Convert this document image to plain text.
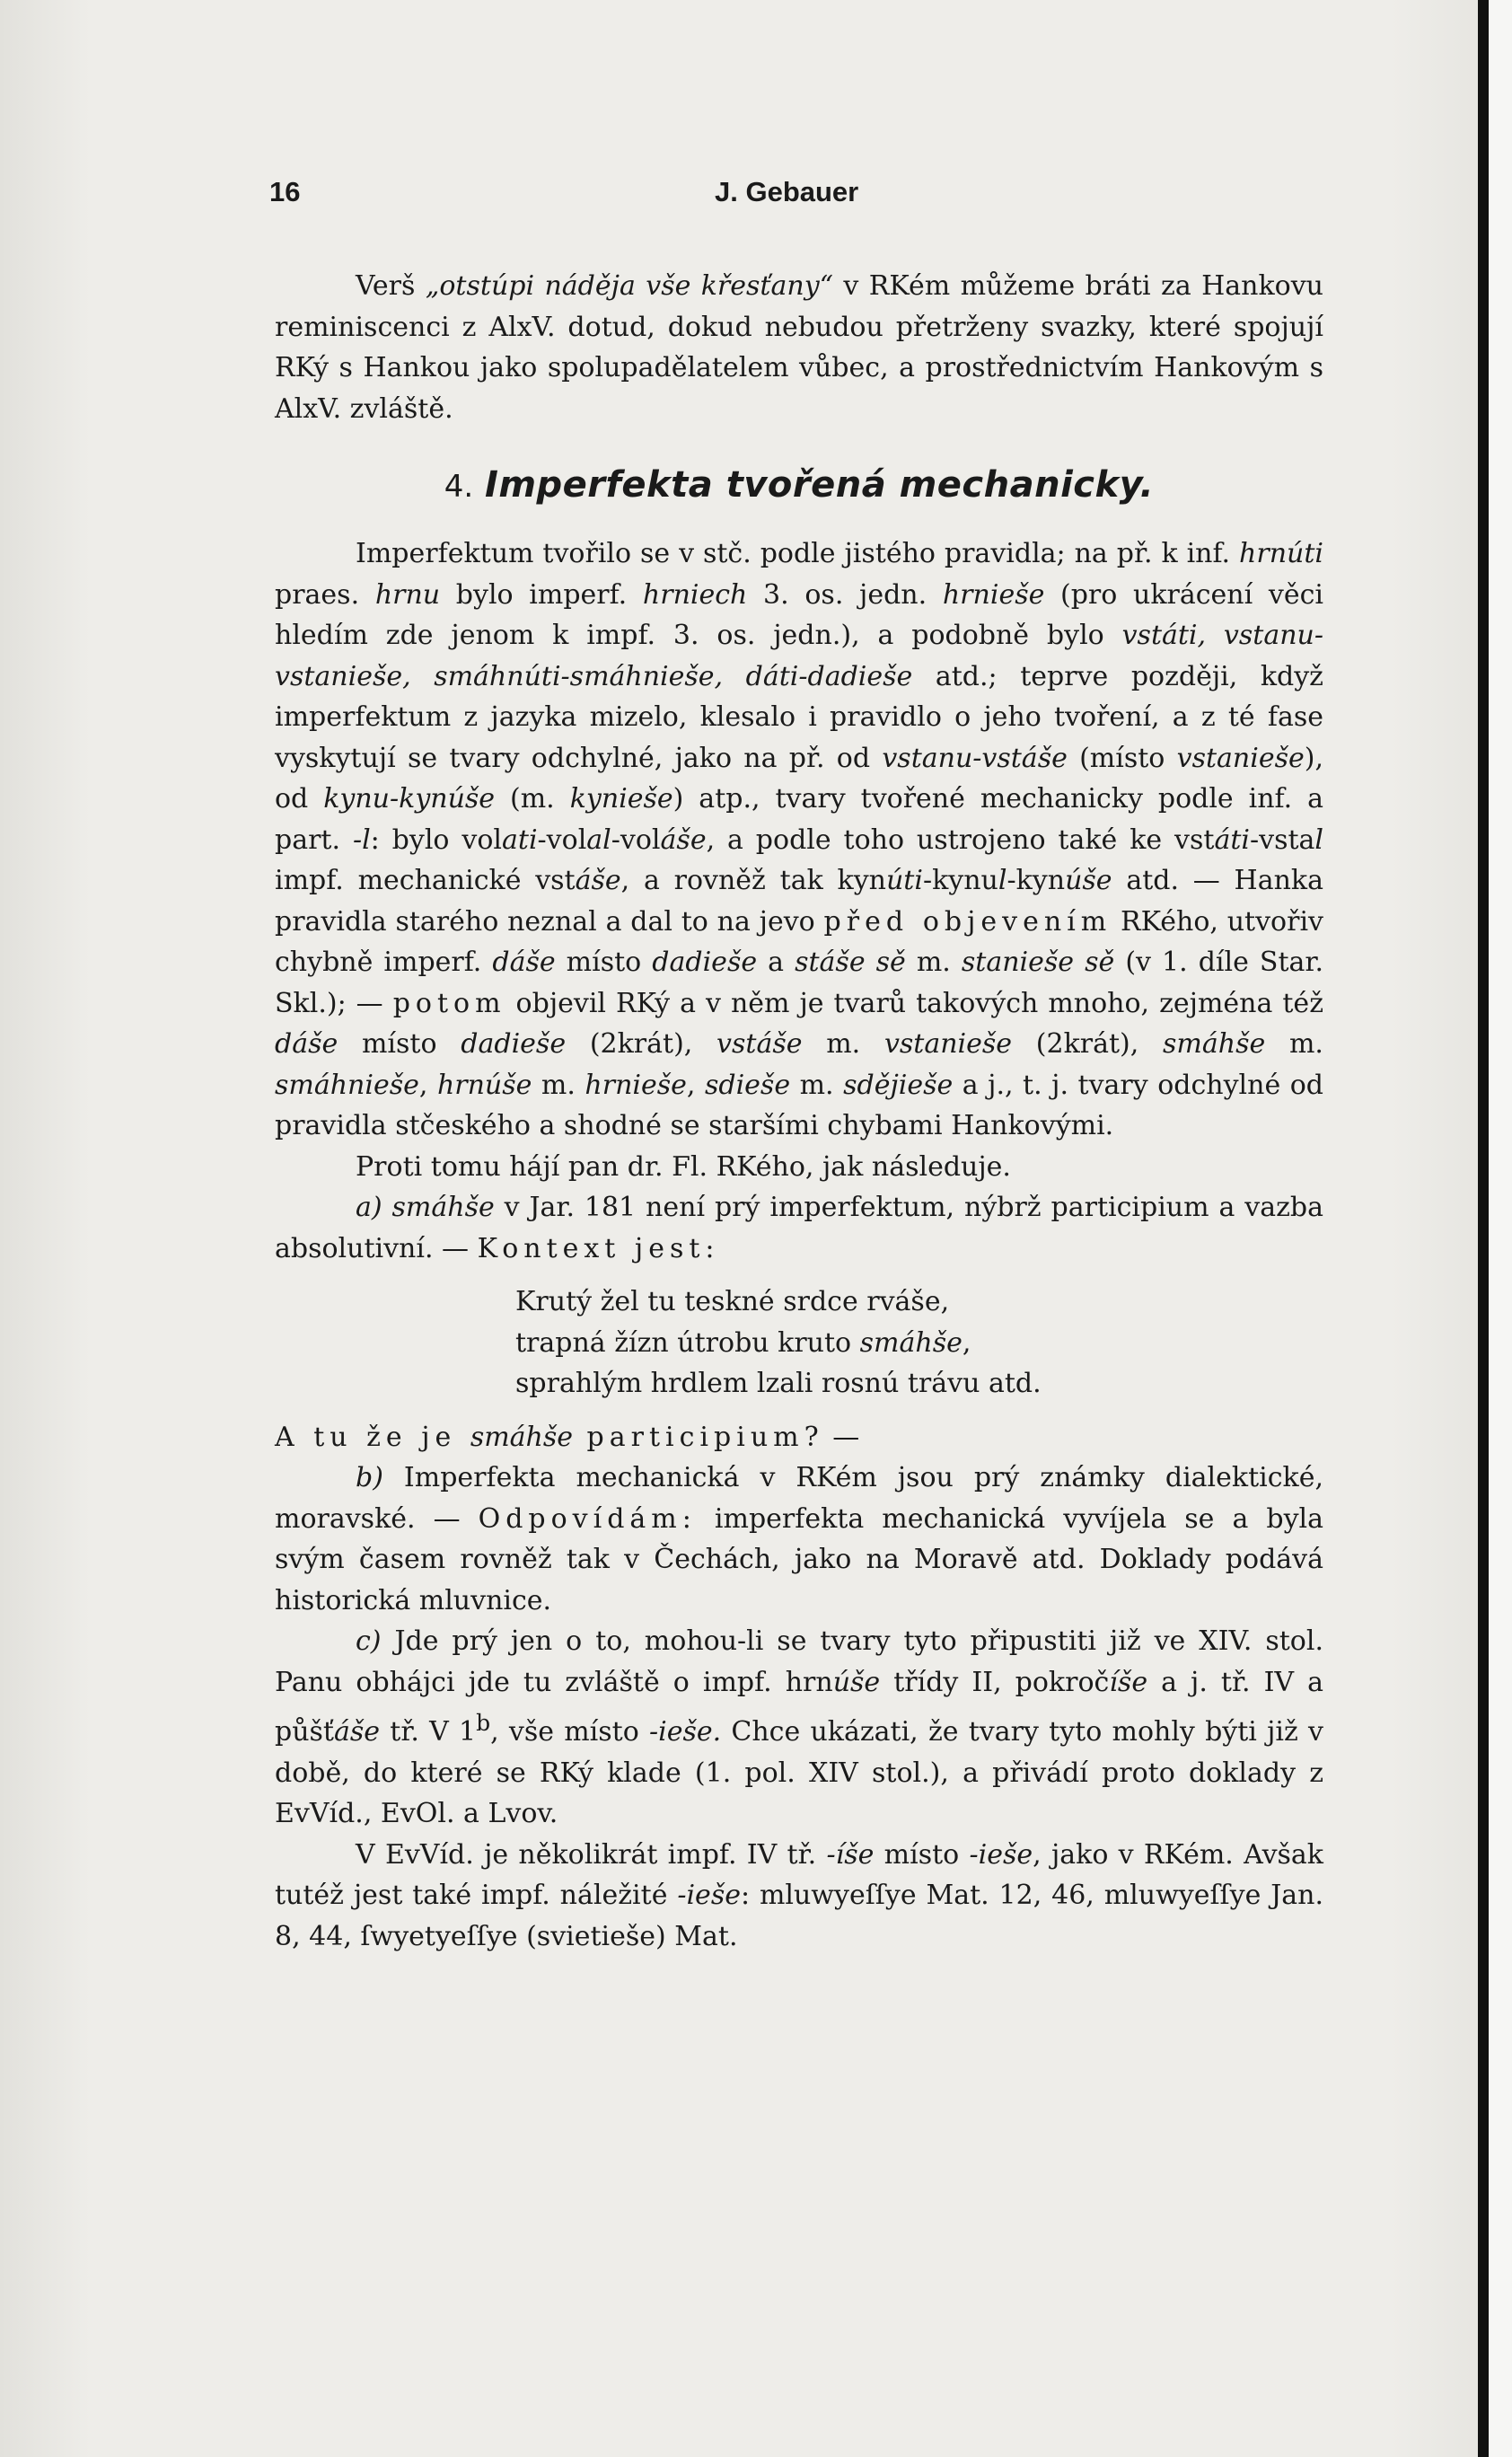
16	J. Gebauer

Verš „otstúpi nádějа vše křesťany“ v RKém můžeme bráti za Hankovu reminiscenci z AlxV. dotud, dokud nebudou přetrženy svazky, které spojují RKý s Hankou jako spolupadělatelem vůbec, a prostřednictvím Hankovým s AlxV. zvláště.

4. Imperfekta tvořená mechanicky.

Imperfektum tvořilo se v stč. podle jistého pravidla; na př. k inf. hrnúti praes. hrnu bylo imperf. hrniech 3. os. jedn. hrnieše (pro ukrácení věci hledím zde jenom k impf. 3. os. jedn.), a podobně bylo vstáti, vstanu-vstanieše, smáhnúti-smáhnieše, dáti-dadieše atd.; teprve později, když imperfektum z jazyka mizelo, klesalo i pravidlo o jeho tvoření, a z té fase vyskytují se tvary odchylné, jako na př. od vstanu-vstáše (místo vstanieše), od kynu-kynúše (m. kynieše) atp., tvary tvořené mechanicky podle inf. a part. -l: bylo volati-volal-voláše, a podle toho ustrojeno také ke vstáti-vstal impf. mechanické vstáše, a rovněž tak kynúti-kynul-kynúše atd. — Hanka pravidla starého neznal a dal to na jevo před objevením RKého, utvořiv chybně imperf. dáše místo dadieše a stáše sě m. stanieše sě (v 1. díle Star. Skl.); — potom objevil RKý a v něm je tvarů takových mnoho, zejména též dáše místo dadieše (2krát), vstáše m. vstanieše (2krát), smáhše m. smáhnieše, hrnúše m. hrnieše, sdieše m. sdějieše a j., t. j. tvary odchylné od pravidla stčeského a shodné se staršími chybami Hankovými.

Proti tomu hájí pan dr. Fl. RKého, jak následuje.

a) smáhše v Jar. 181 není prý imperfektum, nýbrž participium a vazba absolutivní. — Kontext jest:

Krutý žel tu teskné srdce rváše,
trapná žízn útrobu kruto smáhše,
sprahlým hrdlem lzali rosnú trávu atd.

A tu že je smáhše participium? —

b) Imperfekta mechanická v RKém jsou prý známky dialektické, moravské. — Odpovídám: imperfekta mechanická vyvíjela se a byla svým časem rovněž tak v Čechách, jako na Moravě atd. Doklady podává historická mluvnice.

c) Jde prý jen o to, mohou-li se tvary tyto připustiti již ve XIV. stol. Panu obhájci jde tu zvláště o impf. hrnúše třídy II, pokročíše a j. tř. IV a půšťáše tř. V 1$^b$, vše místo -ieše. Chce ukázati, že tvary tyto mohly býti již v době, do které se RKý klade (1. pol. XIV stol.), a přivádí proto doklady z EvVíd., EvOl. a Lvov.

V EvVíd. je několikrát impf. IV tř. -íše místo -ieše, jako v RKém. Avšak tutéž jest také impf. náležité -ieše: mluwyeſſye Mat. 12, 46, mluwyeſſye Jan. 8, 44, ſwyetyeſſye (svietieše) Mat.
